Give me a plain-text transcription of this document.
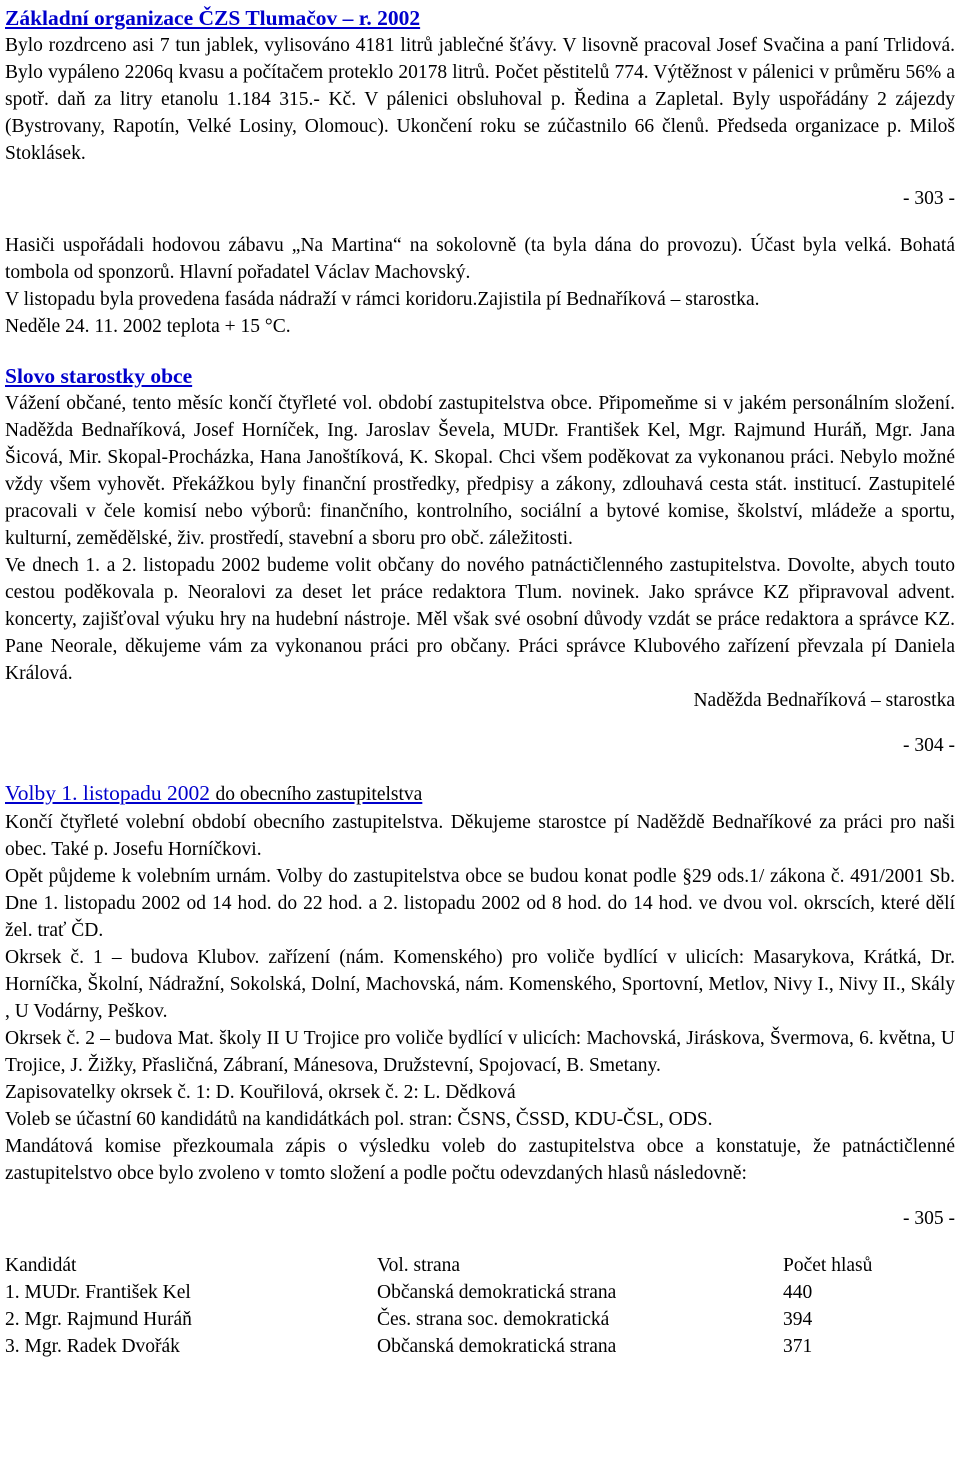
Základní organizace ČZS Tlumačov – r. 2002

Bylo rozdrceno asi 7 tun jablek, vylisováno 4181 litrů jablečné šťávy. V lisovně pracoval Josef Svačina a paní Trlidová. Bylo vypáleno 2206q kvasu a počítačem proteklo 20178 litrů. Počet pěstitelů 774. Výtěžnost v pálenici v průměru 56% a spotř. daň za litry etanolu 1.184 315.- Kč. V pálenici obsluhoval p. Ředina a Zapletal. Byly uspořádány 2 zájezdy (Bystrovany, Rapotín, Velké Losiny, Olomouc). Ukončení roku se zúčastnilo 66 členů. Předseda organizace p. Miloš Stoklásek.

- 303 -

Hasiči uspořádali hodovou zábavu „Na Martina“ na sokolovně (ta byla dána do provozu). Účast byla velká. Bohatá tombola od sponzorů. Hlavní pořadatel Václav Machovský.

V listopadu byla provedena fasáda nádraží v rámci koridoru.Zajistila pí Bednaříková – starostka.

Neděle 24. 11. 2002 teplota + 15 °C.

Slovo starostky obce

Vážení občané, tento měsíc končí čtyřleté vol. období zastupitelstva obce. Připomeňme si v jakém personálním složení. Naděžda Bednaříková, Josef Horníček, Ing. Jaroslav Ševela, MUDr. František Kel, Mgr. Rajmund Huráň, Mgr. Jana Šicová, Mir. Skopal-Procházka, Hana Janoštíková, K. Skopal. Chci všem poděkovat za vykonanou práci. Nebylo možné vždy všem vyhovět. Překážkou byly finanční prostředky, předpisy a zákony, zdlouhavá cesta stát. institucí. Zastupitelé pracovali v čele komisí nebo výborů: finančního, kontrolního, sociální a bytové komise, školství, mládeže a sportu, kulturní, zemědělské, živ. prostředí, stavební a sboru pro obč. záležitosti.

Ve dnech 1. a 2. listopadu 2002 budeme volit občany do nového patnáctičlenného zastupitelstva. Dovolte, abych touto cestou poděkovala p. Neoralovi za deset let práce redaktora Tlum. novinek. Jako správce KZ připravoval advent. koncerty, zajišťoval výuku hry na hudební nástroje. Měl však své osobní důvody vzdát se práce redaktora a správce KZ. Pane Neorale, děkujeme vám za vykonanou práci pro občany. Práci správce Klubového zařízení převzala pí Daniela Králová.

Naděžda Bednaříková – starostka

- 304 -
Volby 1. listopadu 2002 do obecního zastupitelstva

Končí čtyřleté volební období obecního zastupitelstva. Děkujeme starostce pí Naděždě Bednaříkové za práci pro naši obec. Také p. Josefu Horníčkovi.

Opět půjdeme k volebním urnám. Volby do zastupitelstva obce se budou konat podle §29 ods.1/ zákona č. 491/2001 Sb. Dne 1. listopadu 2002 od 14 hod. do 22 hod. a 2. listopadu 2002 od 8 hod. do 14 hod. ve dvou vol. okrscích, které dělí žel. trať ČD.

Okrsek č. 1 – budova Klubov. zařízení (nám. Komenského) pro voliče bydlící v ulicích: Masarykova, Krátká, Dr. Horníčka, Školní, Nádražní, Sokolská, Dolní, Machovská, nám. Komenského, Sportovní, Metlov, Nivy I., Nivy II., Skály , U Vodárny, Peškov.

Okrsek č. 2 – budova Mat. školy II U Trojice pro voliče bydlící v ulicích: Machovská, Jiráskova, Švermova, 6. května, U Trojice, J. Žižky, Přasličná, Zábraní, Mánesova, Družstevní, Spojovací, B. Smetany.

Zapisovatelky okrsek č. 1: D. Kouřilová, okrsek č. 2: L. Dědková

Voleb se účastní 60 kandidátů na kandidátkách pol. stran: ČSNS, ČSSD, KDU-ČSL, ODS.

Mandátová komise přezkoumala zápis o výsledku voleb do zastupitelstva obce a konstatuje, že patnáctičlenné zastupitelstvo obce bylo zvoleno v tomto složení a podle počtu odevzdaných hlasů následovně:

- 305 -
Kandidát	Vol. strana	Počet hlasů
1. MUDr. František Kel	Občanská demokratická strana	440
2. Mgr. Rajmund Huráň	Čes. strana soc. demokratická	394
3. Mgr. Radek Dvořák	Občanská demokratická strana	371
